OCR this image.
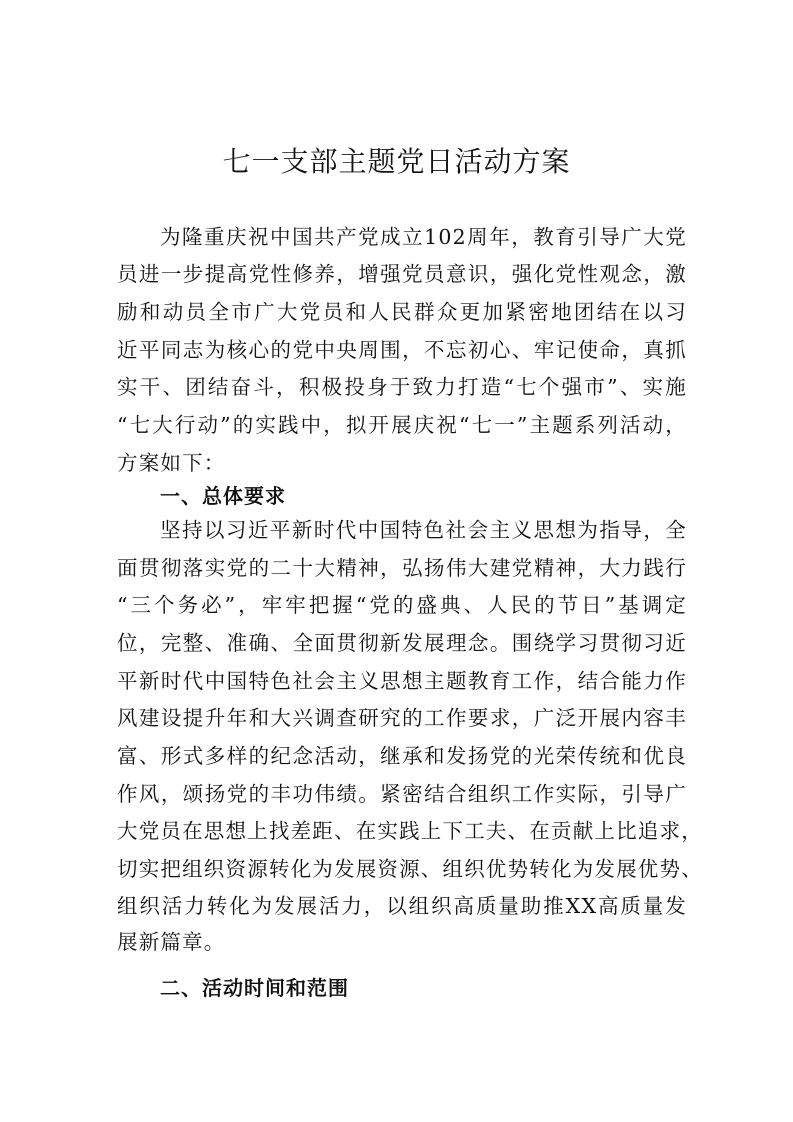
七一支部主题党日活动方案
为隆重庆祝中国共产党成立102周年，教育引导广大党
员进一步提高党性修养，增强党员意识，强化党性观念，激
励和动员全市广大党员和人民群众更加紧密地团结在以习
近平同志为核心的党中央周围，不忘初心、牢记使命，真抓
实干、团结奋斗，积极投身于致力打造“七个强市”、实施
“七大行动”的实践中，拟开展庆祝“七一”主题系列活动，
方案如下：
一、总体要求
坚持以习近平新时代中国特色社会主义思想为指导，全
面贯彻落实党的二十大精神，弘扬伟大建党精神，大力践行
“三个务必”，牢牢把握“党的盛典、人民的节日”基调定
位，完整、准确、全面贯彻新发展理念。围绕学习贯彻习近
平新时代中国特色社会主义思想主题教育工作，结合能力作
风建设提升年和大兴调查研究的工作要求，广泛开展内容丰
富、形式多样的纪念活动，继承和发扬党的光荣传统和优良
作风，颂扬党的丰功伟绩。紧密结合组织工作实际，引导广
大党员在思想上找差距、在实践上下工夫、在贡献上比追求，
切实把组织资源转化为发展资源、组织优势转化为发展优势、
组织活力转化为发展活力，以组织高质量助推XX高质量发
展新篇章。
二、活动时间和范围
